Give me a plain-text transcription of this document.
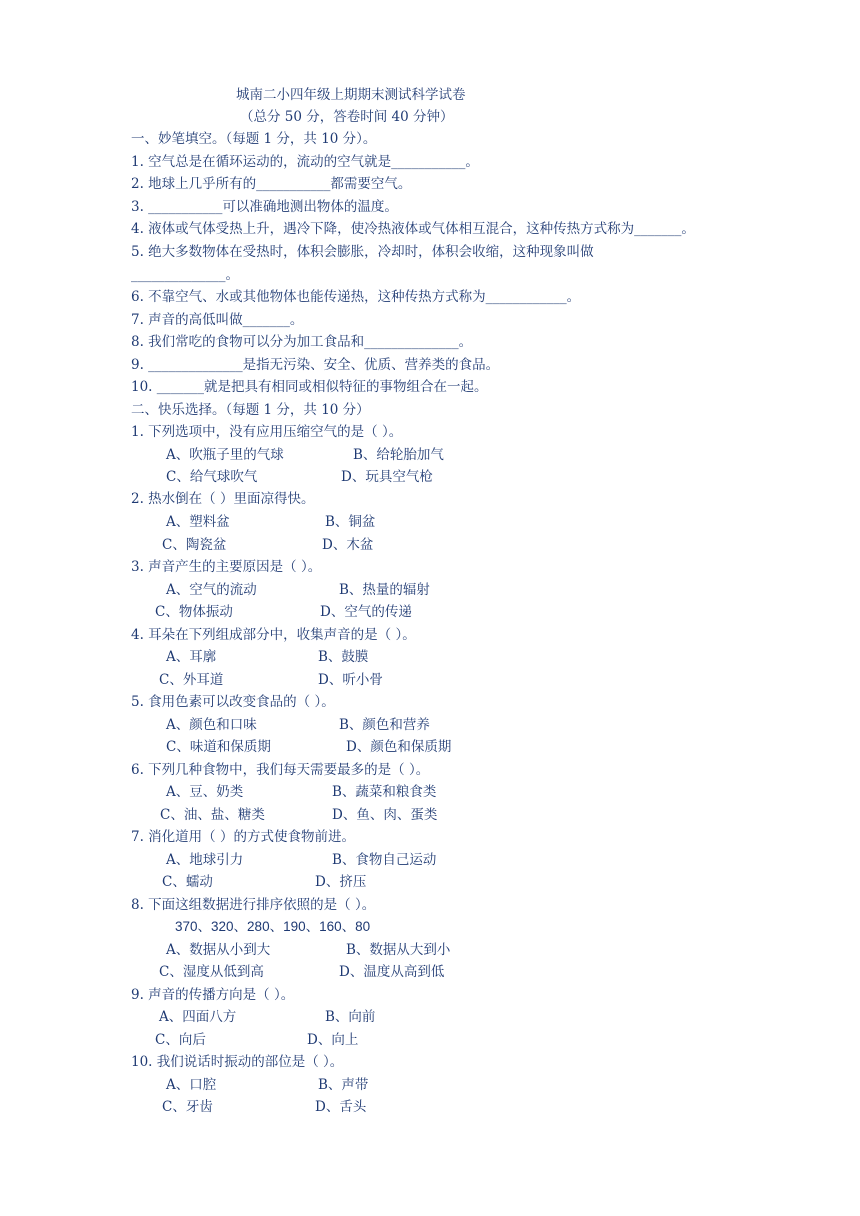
城南二小四年级上期期末测试科学试卷
（总分 50 分，答卷时间 40 分钟）
一、妙笔填空。（每题 1 分，共 10 分）。
1. 空气总是在循环运动的，流动的空气就是___________。
2. 地球上几乎所有的___________都需要空气。
3. ___________可以准确地测出物体的温度。
4. 液体或气体受热上升，遇冷下降，使冷热液体或气体相互混合，这种传热方式称为_______。
5. 绝大多数物体在受热时，体积会膨胀，冷却时，体积会收缩，这种现象叫做
______________。
6. 不靠空气、水或其他物体也能传递热，这种传热方式称为____________。
7. 声音的高低叫做_______。
8. 我们常吃的食物可以分为加工食品和______________。
9. ______________是指无污染、安全、优质、营养类的食品。
10. _______就是把具有相同或相似特征的事物组合在一起。
二、快乐选择。（每题 1 分，共 10 分）
1. 下列选项中，没有应用压缩空气的是（ ）。
A、吹瓶子里的气球	B、给轮胎加气
C、给气球吹气	D、玩具空气枪
2. 热水倒在（ ）里面凉得快。
A、塑料盆	B、铜盆
C、陶瓷盆	D、木盆
3. 声音产生的主要原因是（ ）。
A、空气的流动	B、热量的辐射
C、物体振动	D、空气的传递
4. 耳朵在下列组成部分中，收集声音的是（ ）。
A、耳廓	B、鼓膜
C、外耳道	D、听小骨
5. 食用色素可以改变食品的（ ）。
A、颜色和口味	B、颜色和营养
C、味道和保质期	D、颜色和保质期
6. 下列几种食物中，我们每天需要最多的是（ ）。
A、豆、奶类	B、蔬菜和粮食类
C、油、盐、糖类	D、鱼、肉、蛋类
7. 消化道用（ ）的方式使食物前进。
A、地球引力	B、食物自己运动
C、蠕动	D、挤压
8. 下面这组数据进行排序依照的是（ ）。
370、320、280、190、160、80
A、数据从小到大	B、数据从大到小
C、湿度从低到高	D、温度从高到低
9. 声音的传播方向是（ ）。
A、四面八方	B、向前
C、向后	D、向上
10. 我们说话时振动的部位是（ ）。
A、口腔	B、声带
C、牙齿	D、舌头
